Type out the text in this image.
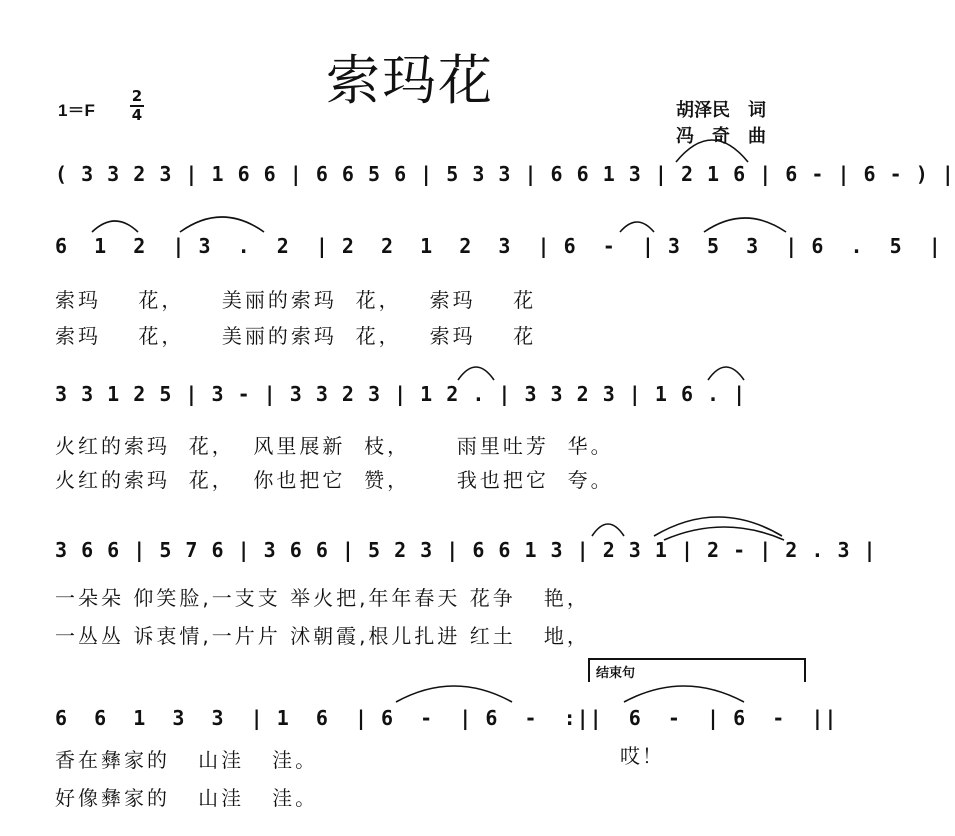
索玛花
1＝F
2
4	胡泽民　词
冯　奇　曲
( 3 3 2 3 | 1 6 6 | 6 6 5 6 | 5 3 3 | 6 6 1 3 | 2 1 6 | 6 - | 6 - ) |
6  1  2  | 3  .  2  | 2  2  1  2  3  | 6  -  | 3  5  3  | 6  .  5  |
索玛    花，    美丽的索玛  花，   索玛    花
索玛    花，    美丽的索玛  花，   索玛    花
3 3 1 2 5 | 3 - | 3 3 2 3 | 1 2 . | 3 3 2 3 | 1 6 . |
火红的索玛  花，  风里展新  枝，     雨里吐芳  华。
火红的索玛  花，  你也把它  赞，     我也把它  夸。
3 6 6 | 5 7 6 | 3 6 6 | 5 2 3 | 6 6 1 3 | 2 3 1 | 2 - | 2 . 3 |
一朵朵 仰笑脸,一支支 举火把,年年春天 花争   艳，
一丛丛 诉衷情,一片片 沭朝霞,根儿扎进 红土   地，
结束句
6  6  1  3  3  | 1  6  | 6  -  | 6  -  :||  6  -  | 6  -  ||
香在彝家的   山洼   洼。
好像彝家的   山洼   洼。
哎！
